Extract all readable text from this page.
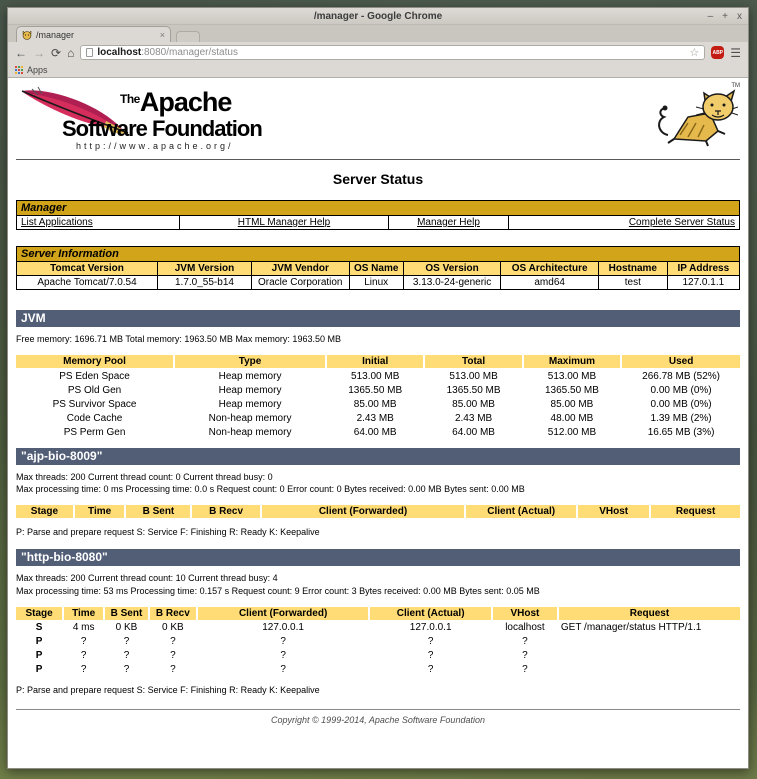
/manager - Google Chrome	– + x
/manager	×
← → ⟳ ⌂ localhost:8080/manager/status	☆	ABP ☰
Apps
TheApache
Software Foundation
http://www.apache.org/
TM
Server Status
Manager
List Applications	HTML Manager Help	Manager Help	Complete Server Status
Server Information							
Tomcat Version	JVM Version	JVM Vendor	OS Name	OS Version	OS Architecture	Hostname	IP Address
Apache Tomcat/7.0.54	1.7.0_55-b14	Oracle Corporation	Linux	3.13.0-24-generic	amd64	test	127.0.1.1
JVM
Free memory: 1696.71 MB Total memory: 1963.50 MB Max memory: 1963.50 MB
Memory Pool	Type	Initial	Total	Maximum	Used
PS Eden Space	Heap memory	513.00 MB	513.00 MB	513.00 MB	266.78 MB (52%)
PS Old Gen	Heap memory	1365.50 MB	1365.50 MB	1365.50 MB	0.00 MB (0%)
PS Survivor Space	Heap memory	85.00 MB	85.00 MB	85.00 MB	0.00 MB (0%)
Code Cache	Non-heap memory	2.43 MB	2.43 MB	48.00 MB	1.39 MB (2%)
PS Perm Gen	Non-heap memory	64.00 MB	64.00 MB	512.00 MB	16.65 MB (3%)
"ajp-bio-8009"
Max threads: 200 Current thread count: 0 Current thread busy: 0
Max processing time: 0 ms Processing time: 0.0 s Request count: 0 Error count: 0 Bytes received: 0.00 MB Bytes sent: 0.00 MB
Stage	Time	B Sent	B Recv	Client (Forwarded)	Client (Actual)	VHost	Request
P: Parse and prepare request S: Service F: Finishing R: Ready K: Keepalive
"http-bio-8080"
Max threads: 200 Current thread count: 10 Current thread busy: 4
Max processing time: 53 ms Processing time: 0.157 s Request count: 9 Error count: 3 Bytes received: 0.00 MB Bytes sent: 0.05 MB
Stage	Time	B Sent	B Recv	Client (Forwarded)	Client (Actual)	VHost	Request
S	4 ms	0 KB	0 KB	127.0.0.1	127.0.0.1	localhost	GET /manager/status HTTP/1.1
P	?	?	?	?	?	?	
P	?	?	?	?	?	?	
P	?	?	?	?	?	?	
P: Parse and prepare request S: Service F: Finishing R: Ready K: Keepalive
Copyright © 1999-2014, Apache Software Foundation
